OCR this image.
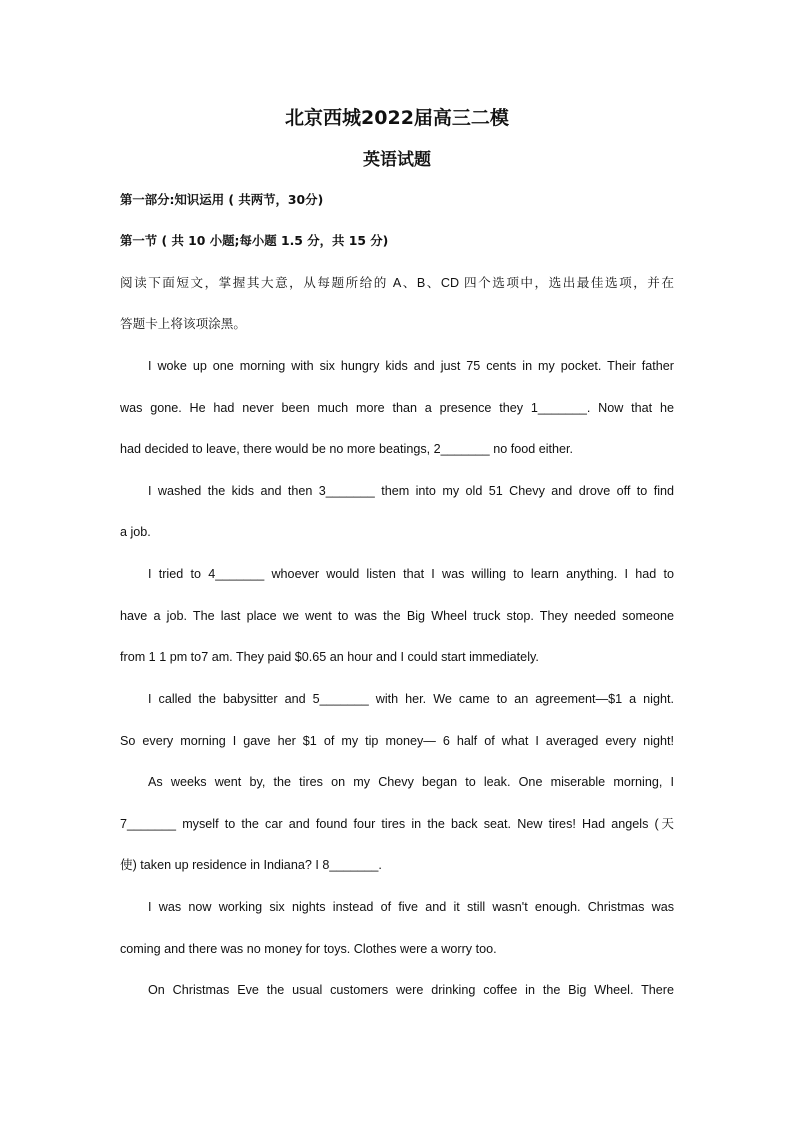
北京西城2022届高三二模
英语试题
第一部分:知识运用 ( 共两节，30分)
第一节 ( 共 10 小题;每小题 1.5 分，共 15 分)
阅读下面短文，掌握其大意，从每题所给的 A、B、CD 四个选项中，选出最佳选项，并在
答题卡上将该项涂黑。
I woke up one morning with six hungry kids and just 75 cents in my pocket. Their father
was gone. He had never been much more than a presence they 1_______. Now that he
had decided to leave, there would be no more beatings, 2_______ no food either.
I washed the kids and then 3_______ them into my old 51 Chevy and drove off to find
a job.
I tried to 4_______ whoever would listen that I was willing to learn anything. I had to
have a job. The last place we went to was the Big Wheel truck stop. They needed someone
from 1 1 pm to7 am. They paid $0.65 an hour and I could start immediately.
I called the babysitter and 5_______ with her. We came to an agreement—$1 a night.
So every morning I gave her $1 of my tip money— 6 half of what I averaged every night!
As weeks went by, the tires on my Chevy began to leak. One miserable morning, I
7_______ myself to the car and found four tires in the back seat. New tires! Had angels (天
使) taken up residence in Indiana? I 8_______.
I was now working six nights instead of five and it still wasn't enough. Christmas was
coming and there was no money for toys. Clothes were a worry too.
On Christmas Eve the usual customers were drinking coffee in the Big Wheel. There
